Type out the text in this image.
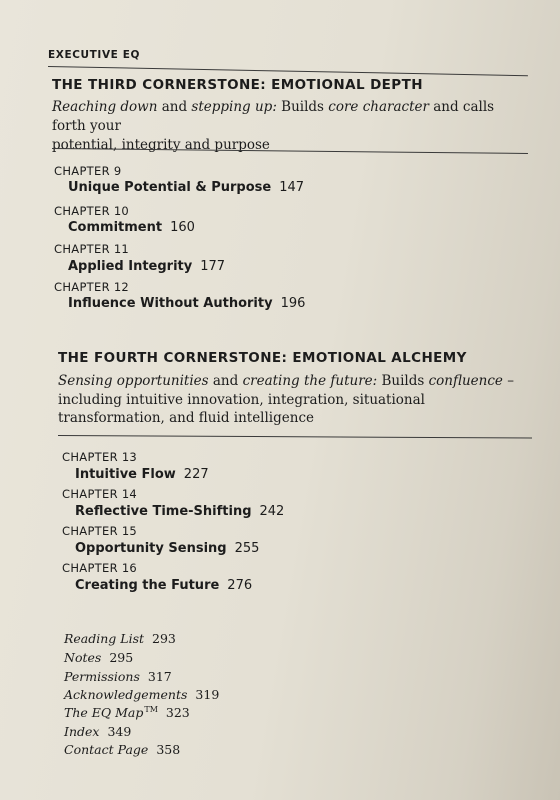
EXECUTIVE EQ
THE THIRD CORNERSTONE: EMOTIONAL DEPTH
Reaching down and stepping up: Builds core character and calls forth your
potential, integrity and purpose
CHAPTER 9
Unique Potential & Purpose 147
CHAPTER 10
Commitment 160
CHAPTER 11
Applied Integrity 177
CHAPTER 12
Influence Without Authority 196
THE FOURTH CORNERSTONE: EMOTIONAL ALCHEMY
Sensing opportunities and creating the future: Builds confluence –
including intuitive innovation, integration, situational
transformation, and fluid intelligence
CHAPTER 13
Intuitive Flow 227
CHAPTER 14
Reflective Time-Shifting 242
CHAPTER 15
Opportunity Sensing 255
CHAPTER 16
Creating the Future 276
Reading List 293
Notes 295
Permissions 317
Acknowledgements 319
The EQ Map™ 323
Index 349
Contact Page 358
